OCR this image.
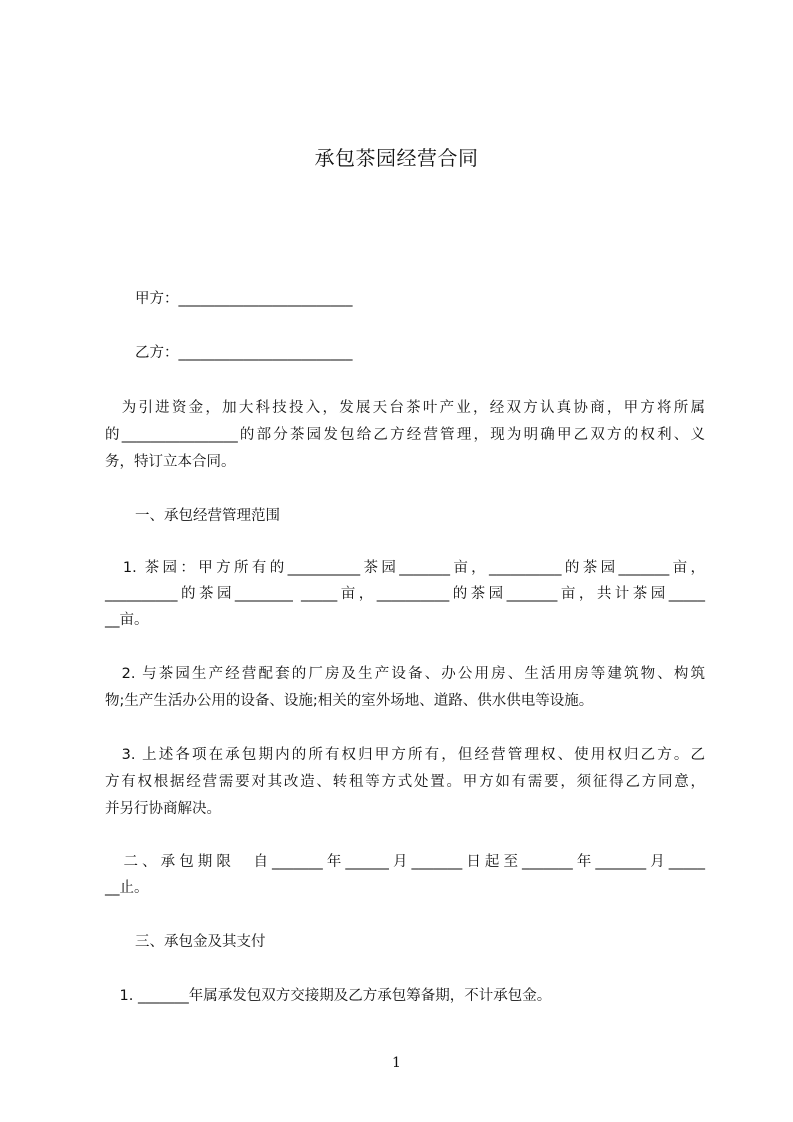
承包茶园经营合同
甲方：________________________
乙方：________________________
　为引进资金，加大科技投入，发展天台茶叶产业，经双方认真协商，甲方将所属
的________________的部分茶园发包给乙方经营管理，现为明确甲乙双方的权利、义
务，特订立本合同。
一、承包经营管理范围
　1. 茶园：甲方所有的__________茶园_______亩，__________的茶园_______亩，
__________的茶园________ _____亩，__________的茶园_______亩，共计茶园_____
__亩。
　2. 与茶园生产经营配套的厂房及生产设备、办公用房、生活用房等建筑物、构筑
物;生产生活办公用的设备、设施;相关的室外场地、道路、供水供电等设施。
　3. 上述各项在承包期内的所有权归甲方所有，但经营管理权、使用权归乙方。乙
方有权根据经营需要对其改造、转租等方式处置。甲方如有需要，须征得乙方同意，
并另行协商解决。
　二、承包期限　自_______年______月_______日起至_______年_______月_____
__止。
三、承包金及其支付
　1. _______年属承发包双方交接期及乙方承包筹备期，不计承包金。
1
